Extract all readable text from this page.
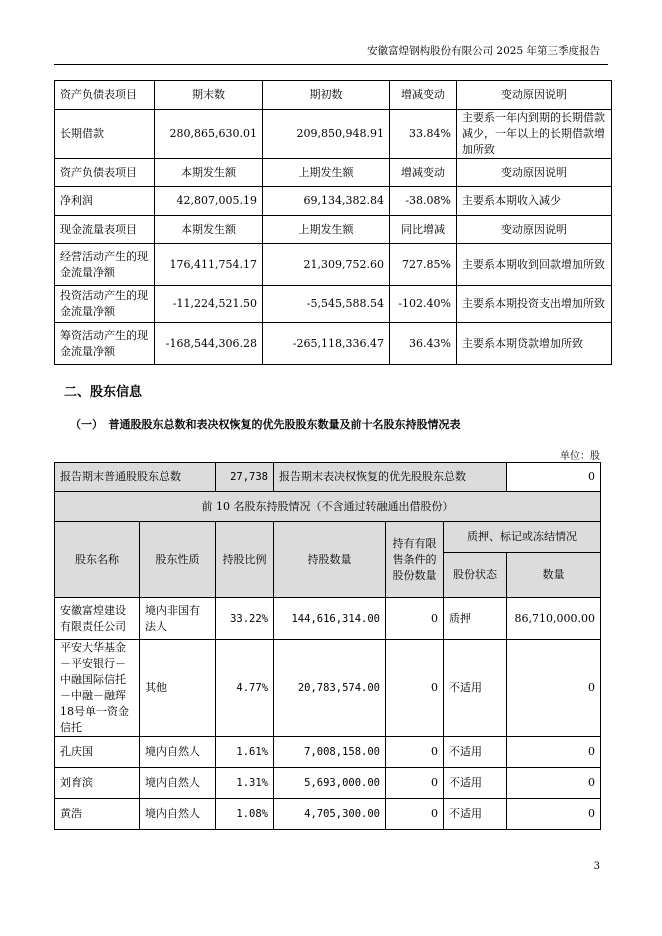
安徽富煌钢构股份有限公司 2025 年第三季度报告
资产负债表项目	期末数	期初数	增减变动	变动原因说明
长期借款	280,865,630.01	209,850,948.91	33.84%	主要系一年内到期的长期借款减少，一年以上的长期借款增加所致
资产负债表项目	本期发生额	上期发生额	增减变动	变动原因说明
净利润	42,807,005.19	69,134,382.84	-38.08%	主要系本期收入减少
现金流量表项目	本期发生额	上期发生额	同比增减	变动原因说明
经营活动产生的现金流量净额	176,411,754.17	21,309,752.60	727.85%	主要系本期收到回款增加所致
投资活动产生的现金流量净额	-11,224,521.50	-5,545,588.54	-102.40%	主要系本期投资支出增加所致
筹资活动产生的现金流量净额	-168,544,306.28	-265,118,336.47	36.43%	主要系本期贷款增加所致
二、股东信息
（一）　普通股股东总数和表决权恢复的优先股股东数量及前十名股东持股情况表
单位：股
报告期末普通股股东总数		27,738	报告期末表决权恢复的优先股股东总数			0
前 10 名股东持股情况（不含通过转融通出借股份）						
股东名称	股东性质	持股比例	持股数量	持有有限售条件的股份数量	质押、标记或冻结情况	
					股份状态	数量
安徽富煌建设有限责任公司	境内非国有法人	33.22%	144,616,314.00	0	质押	86,710,000.00
平安大华基金－平安银行－中融国际信托－中融－融珲18号单一资金信托	其他	4.77%	20,783,574.00	0	不适用	0
孔庆国	境内自然人	1.61%	7,008,158.00	0	不适用	0
刘育滨	境内自然人	1.31%	5,693,000.00	0	不适用	0
黄浩	境内自然人	1.08%	4,705,300.00	0	不适用	0
3
